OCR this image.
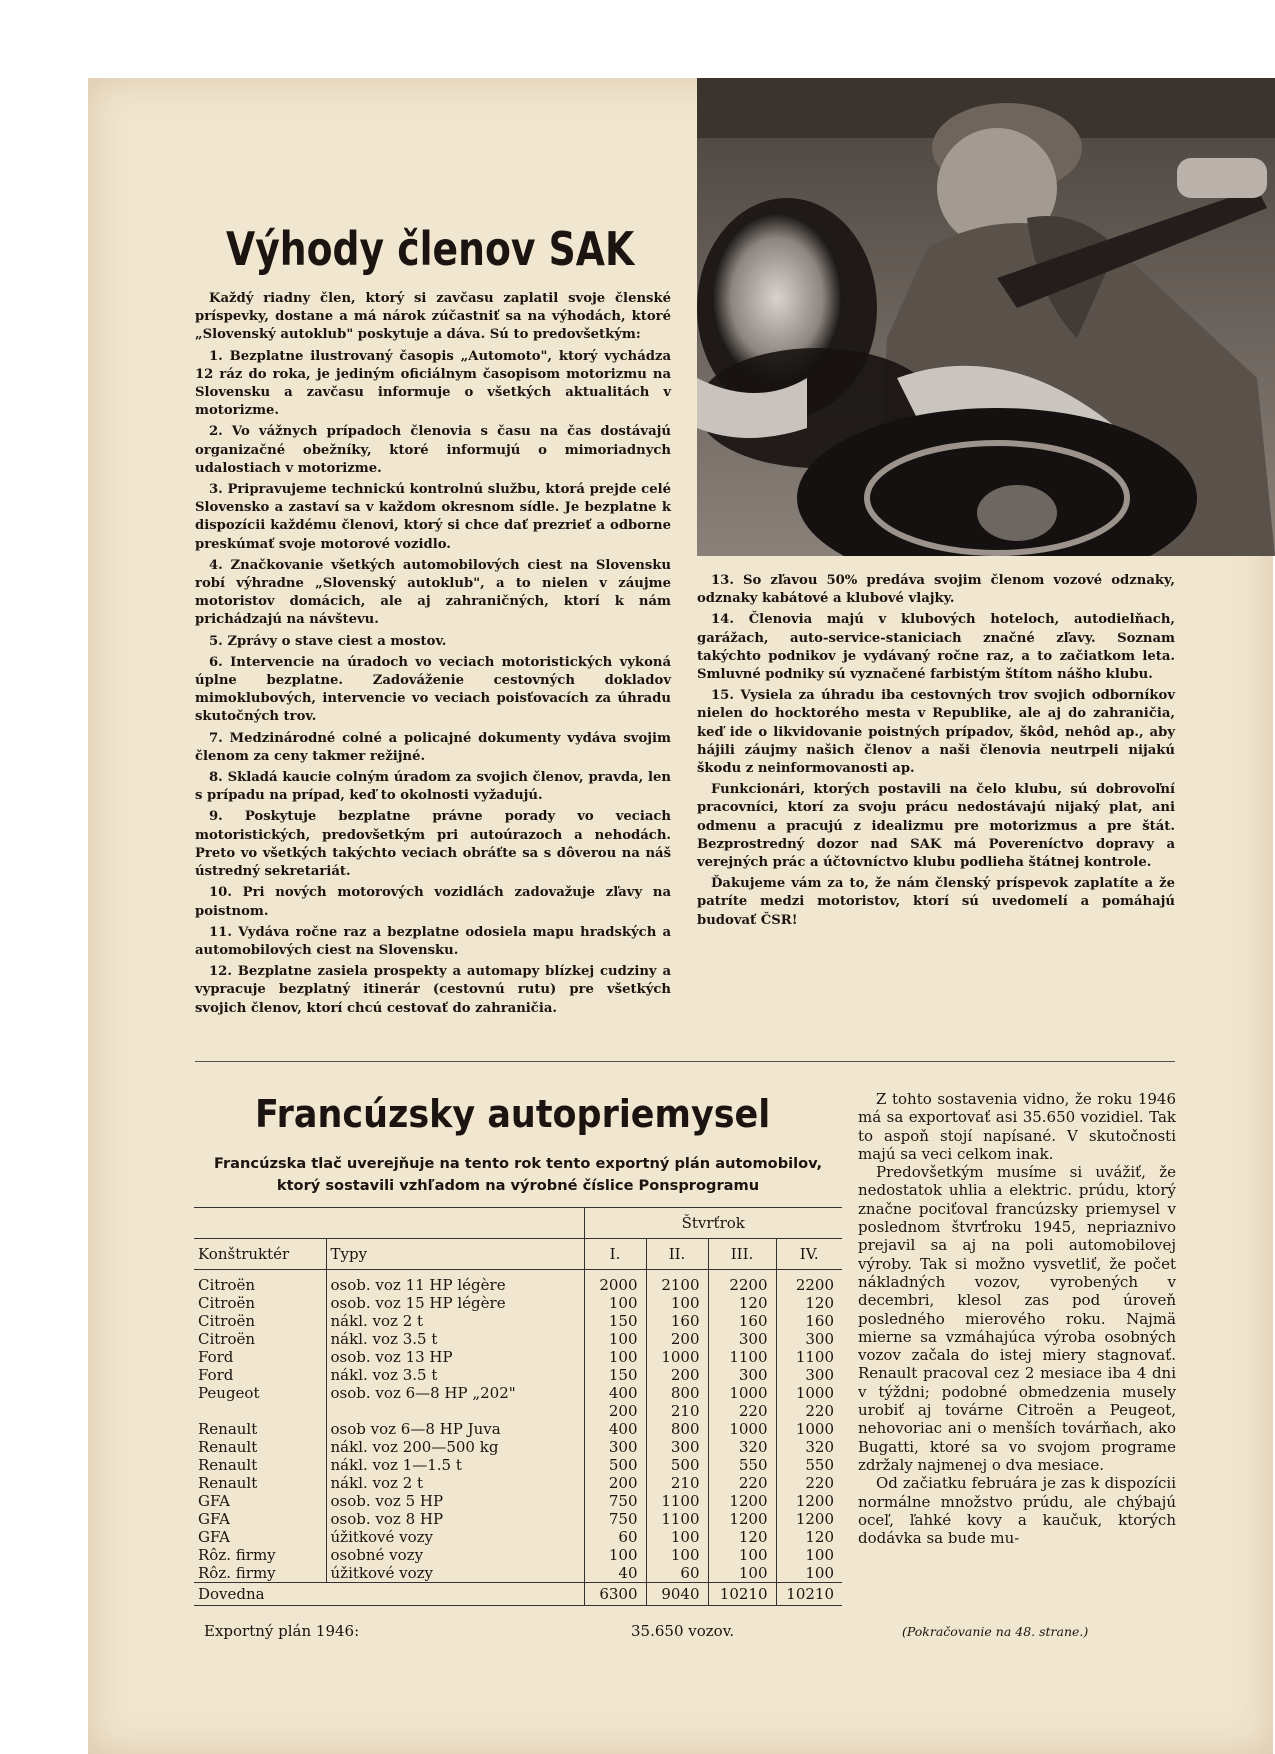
Výhody členov SAK

Každý riadny člen, ktorý si zavčasu zaplatil svoje členské príspevky, dostane a má nárok zúčastniť sa na výhodách, ktoré „Slovenský autoklub" poskytuje a dáva. Sú to predovšetkým:

1. Bezplatne ilustrovaný časopis „Automoto", ktorý vychádza 12 ráz do roka, je jediným oficiálnym časopisom motorizmu na Slovensku a zavčasu informuje o všetkých aktualitách v motorizme.

2. Vo vážnych prípadoch členovia s času na čas dostávajú organizačné obežníky, ktoré informujú o mimoriadnych udalostiach v motorizme.

3. Pripravujeme technickú kontrolnú službu, ktorá prejde celé Slovensko a zastaví sa v každom okresnom sídle. Je bezplatne k dispozícii každému členovi, ktorý si chce dať prezrieť a odborne preskúmať svoje motorové vozidlo.

4. Značkovanie všetkých automobilových ciest na Slovensku robí výhradne „Slovenský autoklub", a to nielen v záujme motoristov domácich, ale aj zahraničných, ktorí k nám prichádzajú na návštevu.

5. Zprávy o stave ciest a mostov.

6. Intervencie na úradoch vo veciach motoristických vykoná úplne bezplatne. Zadováženie cestovných dokladov mimoklubových, intervencie vo veciach poisťovacích za úhradu skutočných trov.

7. Medzinárodné colné a policajné dokumenty vydáva svojim členom za ceny takmer režijné.

8. Skladá kaucie colným úradom za svojich členov, pravda, len s prípadu na prípad, keď to okolnosti vyžadujú.

9. Poskytuje bezplatne právne porady vo veciach motoristických, predovšetkým pri autoúrazoch a nehodách. Preto vo všetkých takýchto veciach obráťte sa s dôverou na náš ústredný sekretariát.

10. Pri nových motorových vozidlách zadovažuje zľavy na poistnom.

11. Vydáva ročne raz a bezplatne odosiela mapu hradských a automobilových ciest na Slovensku.

12. Bezplatne zasiela prospekty a automapy blízkej cudziny a vypracuje bezplatný itinerár (cestovnú rutu) pre všetkých svojich členov, ktorí chcú cestovať do zahraničia.

13. So zľavou 50% predáva svojim členom vozové odznaky, odznaky kabátové a klubové vlajky.

14. Členovia majú v klubových hoteloch, autodielňach, garážach, auto-service-staniciach značné zľavy. Soznam takýchto podnikov je vydávaný ročne raz, a to začiatkom leta. Smluvné podniky sú vyznačené farbistým štítom nášho klubu.

15. Vysiela za úhradu iba cestovných trov svojich odborníkov nielen do hocktorého mesta v Republike, ale aj do zahraničia, keď ide o likvidovanie poistných prípadov, škôd, nehôd ap., aby hájili záujmy našich členov a naši členovia neutrpeli nijakú škodu z neinformovanosti ap.

Funkcionári, ktorých postavili na čelo klubu, sú dobrovoľní pracovníci, ktorí za svoju prácu nedostávajú nijaký plat, ani odmenu a pracujú z idealizmu pre motorizmus a pre štát. Bezprostredný dozor nad SAK má Povereníctvo dopravy a verejných prác a účtovníctvo klubu podlieha štátnej kontrole.

Ďakujeme vám za to, že nám členský príspevok zaplatíte a že patríte medzi motoristov, ktorí sú uvedomelí a pomáhajú budovať ČSR!

Francúzsky autopriemysel
Francúzska tlač uverejňuje na tento rok tento exportný plán automobilov,
ktorý sostavili vzhľadom na výrobné číslice Ponsprogramu
		Štvrťrok			
Konštruktér	Typy	I.	II.	III.	IV.
Citroën	osob. voz 11 HP légère	2000	2100	2200	2200
Citroën	osob. voz 15 HP légère	100	100	120	120
Citroën	nákl. voz 2 t	150	160	160	160
Citroën	nákl. voz 3.5 t	100	200	300	300
Ford	osob. voz 13 HP	100	1000	1100	1100
Ford	nákl. voz 3.5 t	150	200	300	300
Peugeot	osob. voz 6—8 HP „202"	400	800	1000	1000
		200	210	220	220
Renault	osob voz 6—8 HP Juva	400	800	1000	1000
Renault	nákl. voz 200—500 kg	300	300	320	320
Renault	nákl. voz 1—1.5 t	500	500	550	550
Renault	nákl. voz 2 t	200	210	220	220
GFA	osob. voz 5 HP	750	1100	1200	1200
GFA	osob. voz 8 HP	750	1100	1200	1200
GFA	úžitkové vozy	60	100	120	120
Rôz. firmy	osobné vozy	100	100	100	100
Rôz. firmy	úžitkové vozy	40	60	100	100
Dovedna		6300	9040	10210	10210
Exportný plán 1946:	35.650 vozov.

Z tohto sostavenia vidno, že roku 1946 má sa exportovať asi 35.650 vozidiel. Tak to aspoň stojí napísané. V skutočnosti majú sa veci celkom inak.

Predovšetkým musíme si uvážiť, že nedostatok uhlia a elektric. prúdu, ktorý značne pociťoval francúzsky priemysel v poslednom štvrťroku 1945, nepriaznivo prejavil sa aj na poli automobilovej výroby. Tak si možno vysvetliť, že počet nákladných vozov, vyrobených v decembri, klesol zas pod úroveň posledného mierového roku. Najmä mierne sa vzmáhajúca výroba osobných vozov začala do istej miery stagnovať. Renault pracoval cez 2 mesiace iba 4 dni v týždni; podobné obmedzenia musely urobiť aj továrne Citroën a Peugeot, nehovoriac ani o menších továrňach, ako Bugatti, ktoré sa vo svojom programe zdržaly najmenej o dva mesiace.

Od začiatku februára je zas k dispozícii normálne množstvo prúdu, ale chýbajú oceľ, ľahké kovy a kaučuk, ktorých dodávka sa bude mu-

(Pokračovanie na 48. strane.)
